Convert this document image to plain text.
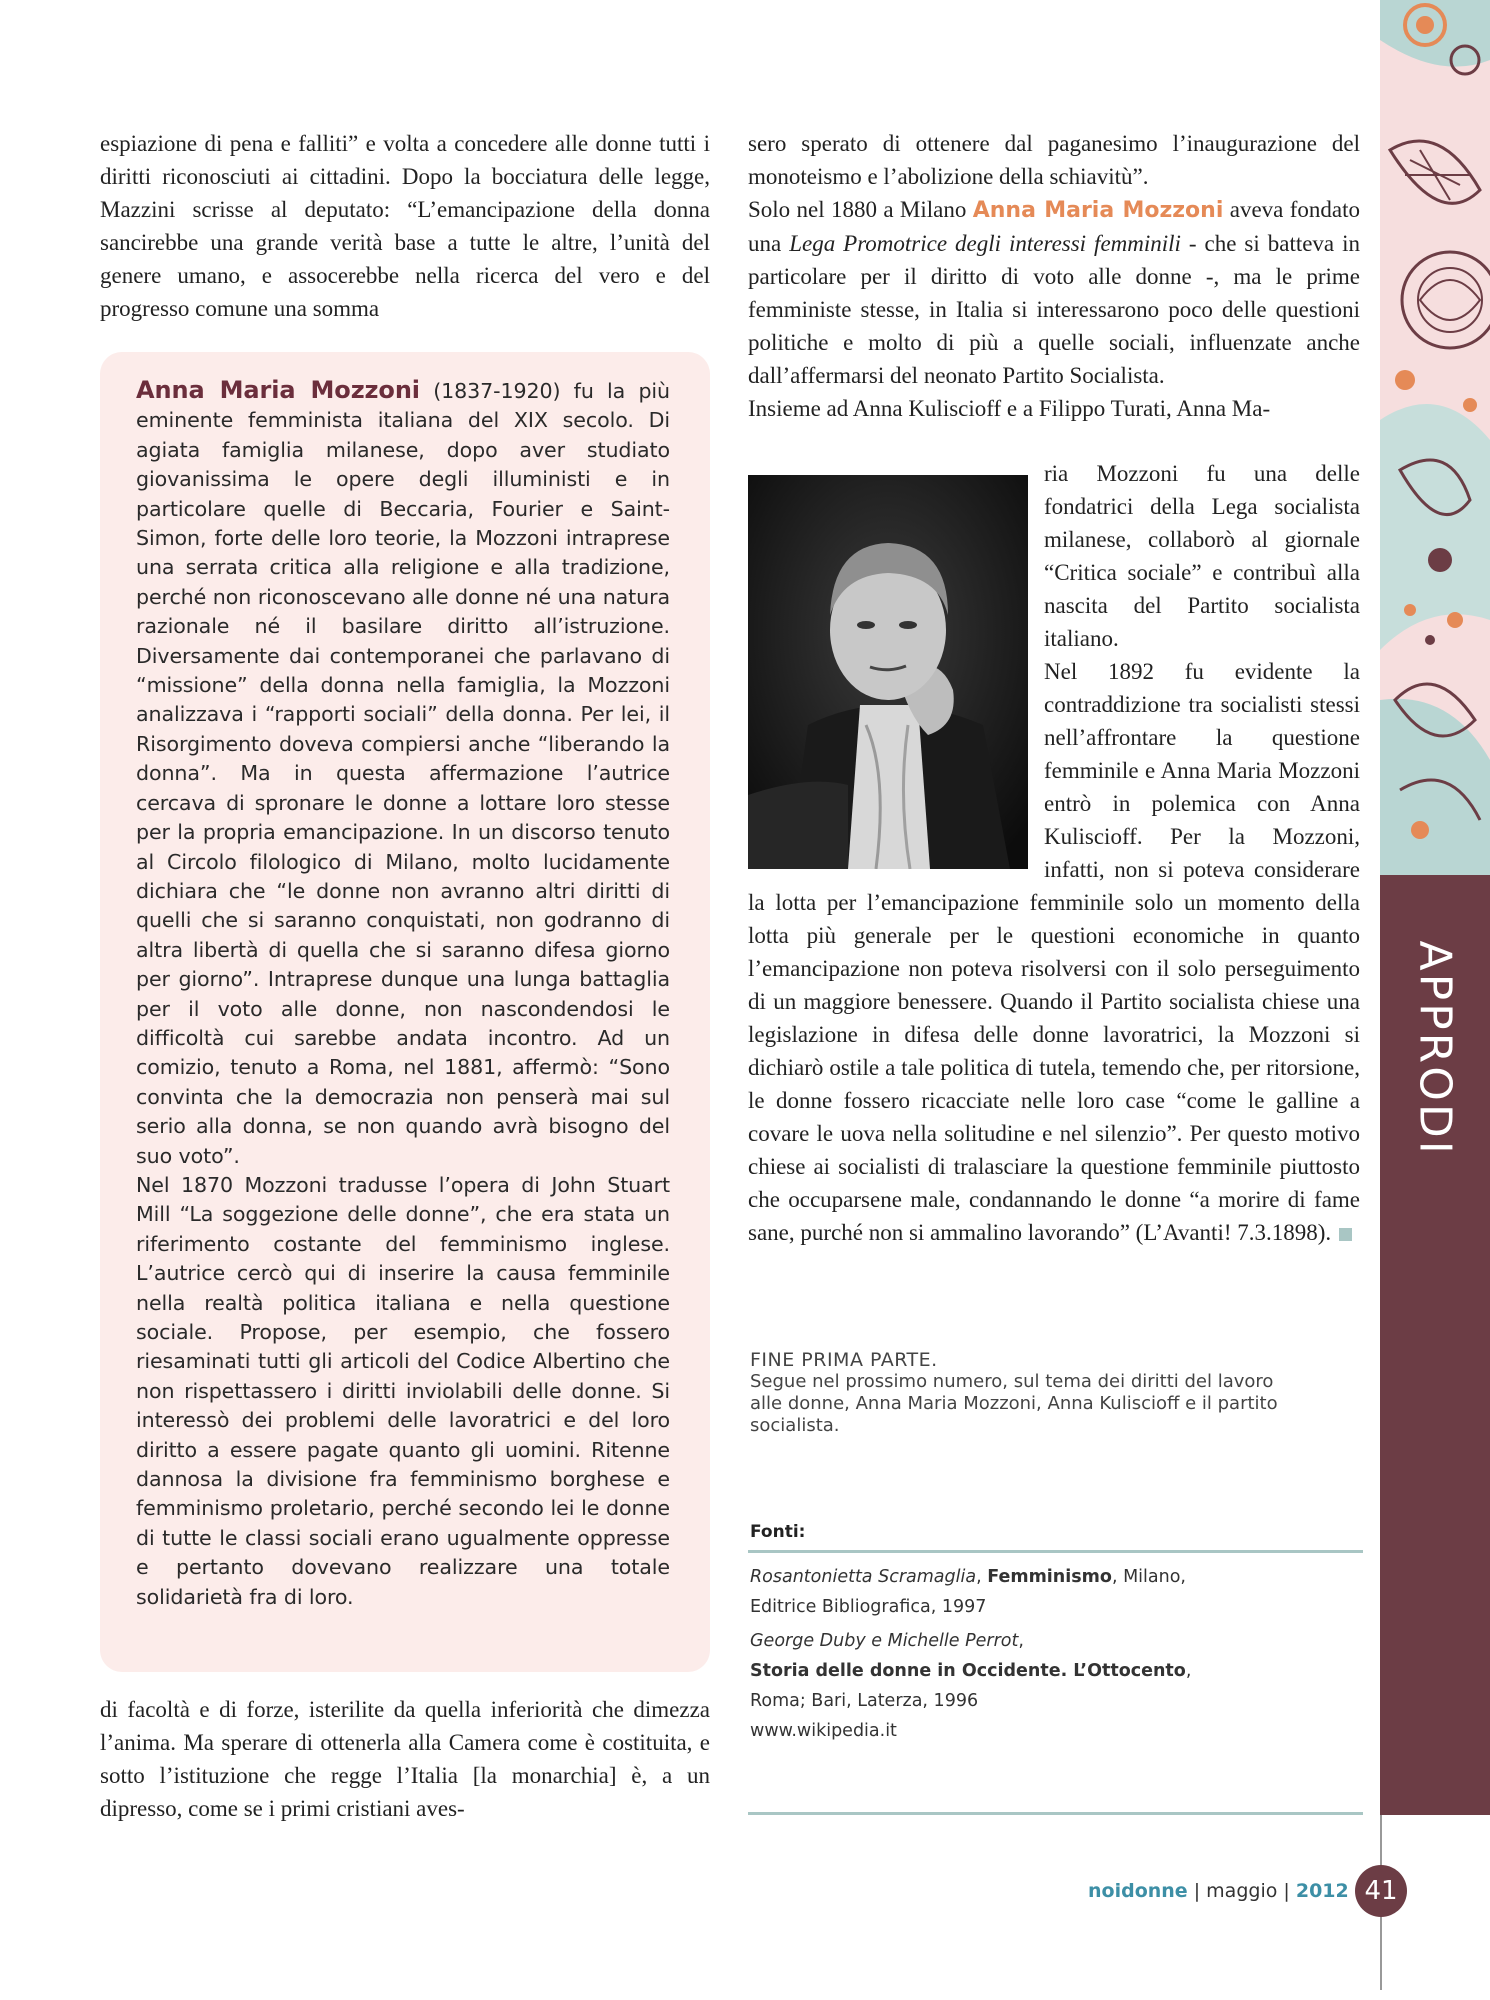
espiazione di pena e falliti” e volta a concedere alle donne tutti i diritti riconosciuti ai cittadini. Dopo la bocciatura delle legge, Mazzini scrisse al deputato: “L’emancipazione della donna sancirebbe una grande verità base a tutte le altre, l’unità del genere umano, e assocerebbe nella ricerca del vero e del progresso comune una somma

Anna Maria Mozzoni (1837-1920) fu la più eminente femminista italiana del XIX secolo. Di agiata famiglia milanese, dopo aver studiato giovanissima le opere degli illuministi e in particolare quelle di Beccaria, Fourier e Saint-Simon, forte delle loro teorie, la Mozzoni intraprese una serrata critica alla religione e alla tradizione, perché non riconoscevano alle donne né una natura razionale né il basilare diritto all’istruzione. Diversamente dai contemporanei che parlavano di “missione” della donna nella famiglia, la Mozzoni analizzava i “rapporti sociali” della donna. Per lei, il Risorgimento doveva compiersi anche “liberando la donna”. Ma in questa affermazione l’autrice cercava di spronare le donne a lottare loro stesse per la propria emancipazione. In un discorso tenuto al Circolo filologico di Milano, molto lucidamente dichiara che “le donne non avranno altri diritti di quelli che si saranno conquistati, non godranno di altra libertà di quella che si saranno difesa giorno per giorno”. Intraprese dunque una lunga battaglia per il voto alle donne, non nascondendosi le difficoltà cui sarebbe andata incontro. Ad un comizio, tenuto a Roma, nel 1881, affermò: “Sono convinta che la democrazia non penserà mai sul serio alla donna, se non quando avrà bisogno del suo voto”.

Nel 1870 Mozzoni tradusse l’opera di John Stuart Mill “La soggezione delle donne”, che era stata un riferimento costante del femminismo inglese. L’autrice cercò qui di inserire la causa femminile nella realtà politica italiana e nella questione sociale. Propose, per esempio, che fossero riesaminati tutti gli articoli del Codice Albertino che non rispettassero i diritti inviolabili delle donne. Si interessò dei problemi delle lavoratrici e del loro diritto a essere pagate quanto gli uomini. Ritenne dannosa la divisione fra femminismo borghese e femminismo proletario, perché secondo lei le donne di tutte le classi sociali erano ugualmente oppresse e pertanto dovevano realizzare una totale solidarietà fra di loro.

di facoltà e di forze, isterilite da quella inferiorità che dimezza l’anima. Ma sperare di ottenerla alla Camera come è costituita, e sotto l’istituzione che regge l’Italia [la monarchia] è, a un dipresso, come se i primi cristiani aves-

sero sperato di ottenere dal paganesimo l’inaugurazione del monoteismo e l’abolizione della schiavitù”.

Solo nel 1880 a Milano Anna Maria Mozzoni aveva fondato una Lega Promotrice degli interessi femminili - che si batteva in particolare per il diritto di voto alle donne -, ma le prime femministe stesse, in Italia si interessarono poco delle questioni politiche e molto di più a quelle sociali, influenzate anche dall’affermarsi del neonato Partito Socialista.

Insieme ad Anna Kuliscioff e a Filippo Turati, Anna Ma-

ria Mozzoni fu una delle fondatrici della Lega socialista milanese, collaborò al giornale “Critica sociale” e contribuì alla nascita del Partito socialista italiano.

Nel 1892 fu evidente la contraddizione tra socialisti stessi nell’affrontare la questione femminile e Anna Maria Mozzoni entrò in polemica con Anna Kuliscioff. Per la Mozzoni, infatti, non si poteva considerare la lotta per l’emancipazione femminile solo un momento della lotta più generale per le questioni economiche in quanto l’emancipazione non poteva risolversi con il solo perseguimento di un maggiore benessere. Quando il Partito socialista chiese una legislazione in difesa delle donne lavoratrici, la Mozzoni si dichiarò ostile a tale politica di tutela, temendo che, per ritorsione, le donne fossero ricacciate nelle loro case “come le galline a covare le uova nella solitudine e nel silenzio”. Per questo motivo chiese ai socialisti di tralasciare la questione femminile piuttosto che occuparsene male, condannando le donne “a morire di fame sane, purché non si ammalino lavorando” (L’Avanti! 7.3.1898).

FINE PRIMA PARTE.
Segue nel prossimo numero, sul tema dei diritti del lavoro alle donne, Anna Maria Mozzoni, Anna Kuliscioff e il partito socialista.
Fonti:
Rosantonietta Scramaglia, Femminismo, Milano,
Editrice Bibliografica, 1997
George Duby e Michelle Perrot,
Storia delle donne in Occidente. L’Ottocento,
Roma; Bari, Laterza, 1996
www.wikipedia.it
APPRODI
noidonne | maggio | 2012 41
